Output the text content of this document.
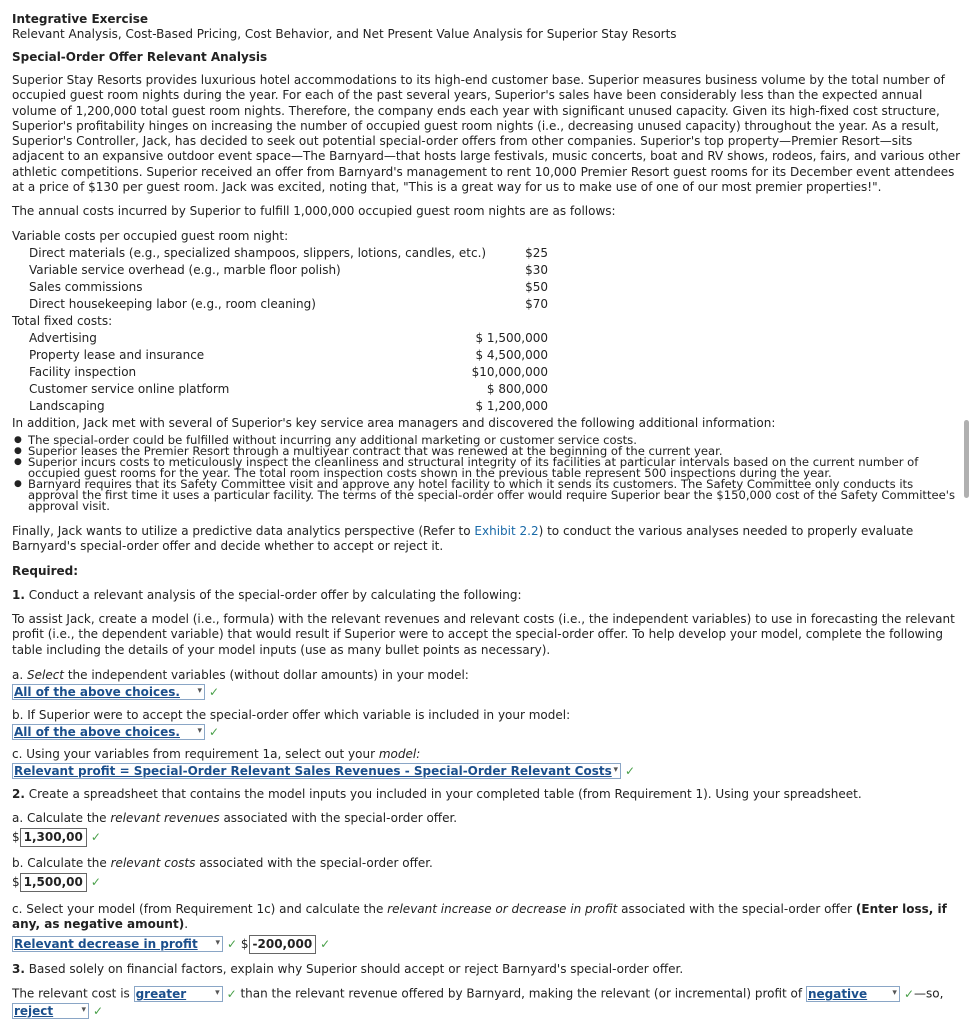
Integrative Exercise

Relevant Analysis, Cost-Based Pricing, Cost Behavior, and Net Present Value Analysis for Superior Stay Resorts

Special-Order Offer Relevant Analysis

Superior Stay Resorts provides luxurious hotel accommodations to its high-end customer base. Superior measures business volume by the total number of occupied guest room nights during the year. For each of the past several years, Superior's sales have been considerably less than the expected annual volume of 1,200,000 total guest room nights. Therefore, the company ends each year with significant unused capacity. Given its high-fixed cost structure, Superior's profitability hinges on increasing the number of occupied guest room nights (i.e., decreasing unused capacity) throughout the year. As a result, Superior's Controller, Jack, has decided to seek out potential special-order offers from other companies. Superior's top property—Premier Resort—sits adjacent to an expansive outdoor event space—The Barnyard—that hosts large festivals, music concerts, boat and RV shows, rodeos, fairs, and various other athletic competitions. Superior received an offer from Barnyard's management to rent 10,000 Premier Resort guest rooms for its December event attendees at a price of $130 per guest room. Jack was excited, noting that, "This is a great way for us to make use of one of our most premier properties!".

The annual costs incurred by Superior to fulfill 1,000,000 occupied guest room nights are as follows:

Variable costs per occupied guest room night:
Direct materials (e.g., specialized shampoos, slippers, lotions, candles, etc.)	$25
Variable service overhead (e.g., marble floor polish)	$30
Sales commissions	$50
Direct housekeeping labor (e.g., room cleaning)	$70
Total fixed costs:
Advertising	$ 1,500,000
Property lease and insurance	$ 4,500,000
Facility inspection	$10,000,000
Customer service online platform	$ 800,000
Landscaping	$ 1,200,000

In addition, Jack met with several of Superior's key service area managers and discovered the following additional information:

● The special-order could be fulfilled without incurring any additional marketing or customer service costs.
● Superior leases the Premier Resort through a multiyear contract that was renewed at the beginning of the current year.
● Superior incurs costs to meticulously inspect the cleanliness and structural integrity of its facilities at particular intervals based on the current number of occupied guest rooms for the year. The total room inspection costs shown in the previous table represent 500 inspections during the year.
● Barnyard requires that its Safety Committee visit and approve any hotel facility to which it sends its customers. The Safety Committee only conducts its approval the first time it uses a particular facility. The terms of the special-order offer would require Superior bear the $150,000 cost of the Safety Committee's approval visit.

Finally, Jack wants to utilize a predictive data analytics perspective (Refer to Exhibit 2.2) to conduct the various analyses needed to properly evaluate Barnyard's special-order offer and decide whether to accept or reject it.

Required:

1. Conduct a relevant analysis of the special-order offer by calculating the following:

To assist Jack, create a model (i.e., formula) with the relevant revenues and relevant costs (i.e., the independent variables) to use in forecasting the relevant profit (i.e., the dependent variable) that would result if Superior were to accept the special-order offer. To help develop your model, complete the following table including the details of your model inputs (use as many bullet points as necessary).

a. Select the independent variables (without dollar amounts) in your model:

All of the above choices. ▾ ✓

b. If Superior were to accept the special-order offer which variable is included in your model:

All of the above choices. ▾ ✓

c. Using your variables from requirement 1a, select out your model:

Relevant profit = Special-Order Relevant Sales Revenues - Special-Order Relevant Costs ▾ ✓

2. Create a spreadsheet that contains the model inputs you included in your completed table (from Requirement 1). Using your spreadsheet.

a. Calculate the relevant revenues associated with the special-order offer.

$ 1,300,00 ✓

b. Calculate the relevant costs associated with the special-order offer.

$ 1,500,00 ✓

c. Select your model (from Requirement 1c) and calculate the relevant increase or decrease in profit associated with the special-order offer (Enter loss, if any, as negative amount).

Relevant decrease in profit ▾ ✓ $ -200,000 ✓

3. Based solely on financial factors, explain why Superior should accept or reject Barnyard's special-order offer.

The relevant cost is greater	▾ ✓ than the relevant revenue offered by Barnyard, making the relevant (or incremental) profit of negative	▾ ✓—so,

reject	▾ ✓
